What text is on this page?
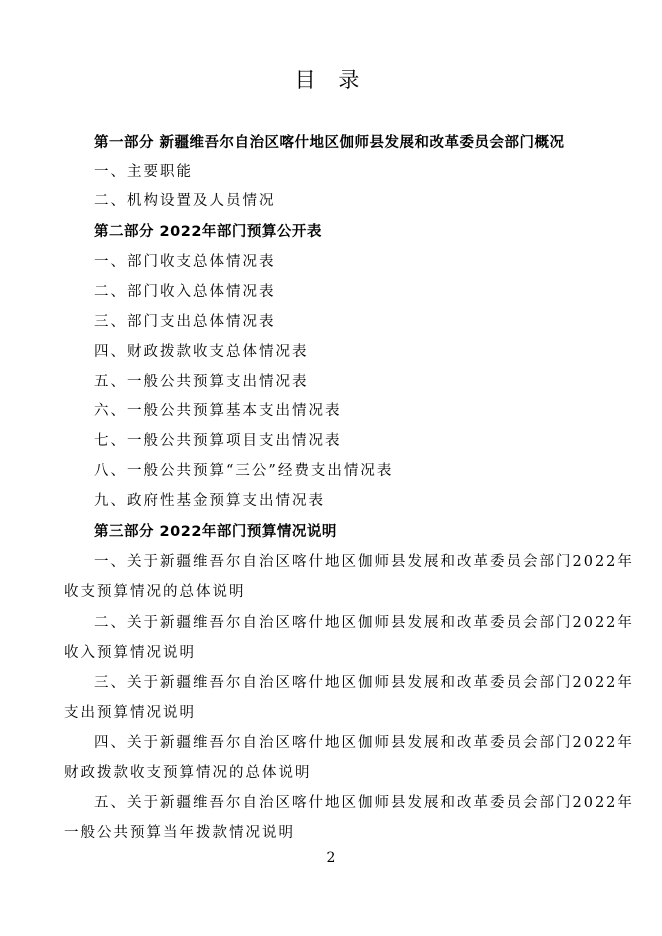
目 录
第一部分 新疆维吾尔自治区喀什地区伽师县发展和改革委员会部门概况
一、主要职能
二、机构设置及人员情况
第二部分 2022年部门预算公开表
一、部门收支总体情况表
二、部门收入总体情况表
三、部门支出总体情况表
四、财政拨款收支总体情况表
五、一般公共预算支出情况表
六、一般公共预算基本支出情况表
七、一般公共预算项目支出情况表
八、一般公共预算“三公”经费支出情况表
九、政府性基金预算支出情况表
第三部分 2022年部门预算情况说明
一、关于新疆维吾尔自治区喀什地区伽师县发展和改革委员会部门2022年
收支预算情况的总体说明
二、关于新疆维吾尔自治区喀什地区伽师县发展和改革委员会部门2022年
收入预算情况说明
三、关于新疆维吾尔自治区喀什地区伽师县发展和改革委员会部门2022年
支出预算情况说明
四、关于新疆维吾尔自治区喀什地区伽师县发展和改革委员会部门2022年
财政拨款收支预算情况的总体说明
五、关于新疆维吾尔自治区喀什地区伽师县发展和改革委员会部门2022年
一般公共预算当年拨款情况说明
2
